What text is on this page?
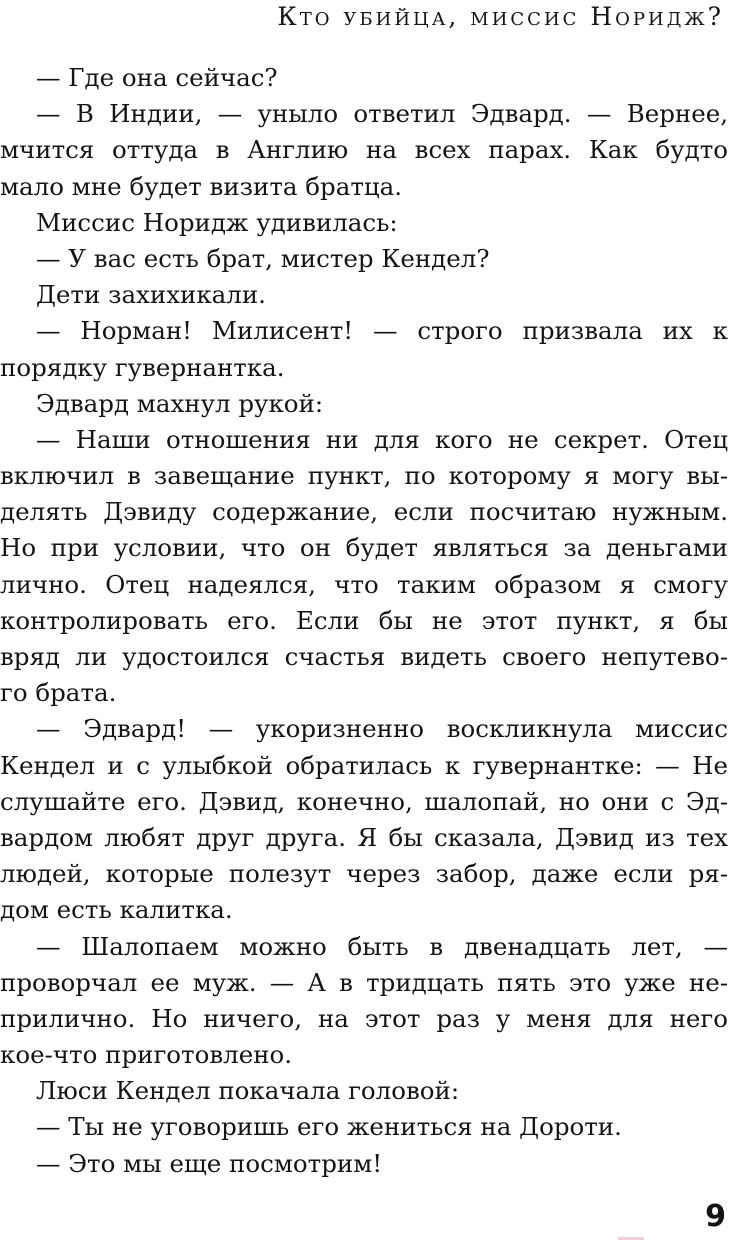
Кто убийца, миссис Норидж?
— Где она сейчас?
— В Индии, — уныло ответил Эдвард. — Вернее,
мчится оттуда в Англию на всех парах. Как будто
мало мне будет визита братца.
Миссис Норидж удивилась:
— У вас есть брат, мистер Кендел?
Дети захихикали.
— Норман! Милисент! — строго призвала их к
порядку гувернантка.
Эдвард махнул рукой:
— Наши отношения ни для кого не секрет. Отец
включил в завещание пункт, по которому я могу вы-
делять Дэвиду содержание, если посчитаю нужным.
Но при условии, что он будет являться за деньгами
лично. Отец надеялся, что таким образом я смогу
контролировать его. Если бы не этот пункт, я бы
вряд ли удостоился счастья видеть своего непутево-
го брата.
— Эдвард! — укоризненно воскликнула миссис
Кендел и с улыбкой обратилась к гувернантке: — Не
слушайте его. Дэвид, конечно, шалопай, но они с Эд-
вардом любят друг друга. Я бы сказала, Дэвид из тех
людей, которые полезут через забор, даже если ря-
дом есть калитка.
— Шалопаем можно быть в двенадцать лет, —
проворчал ее муж. — А в тридцать пять это уже не-
прилично. Но ничего, на этот раз у меня для него
кое-что приготовлено.
Люси Кендел покачала головой:
— Ты не уговоришь его жениться на Дороти.
— Это мы еще посмотрим!
9
